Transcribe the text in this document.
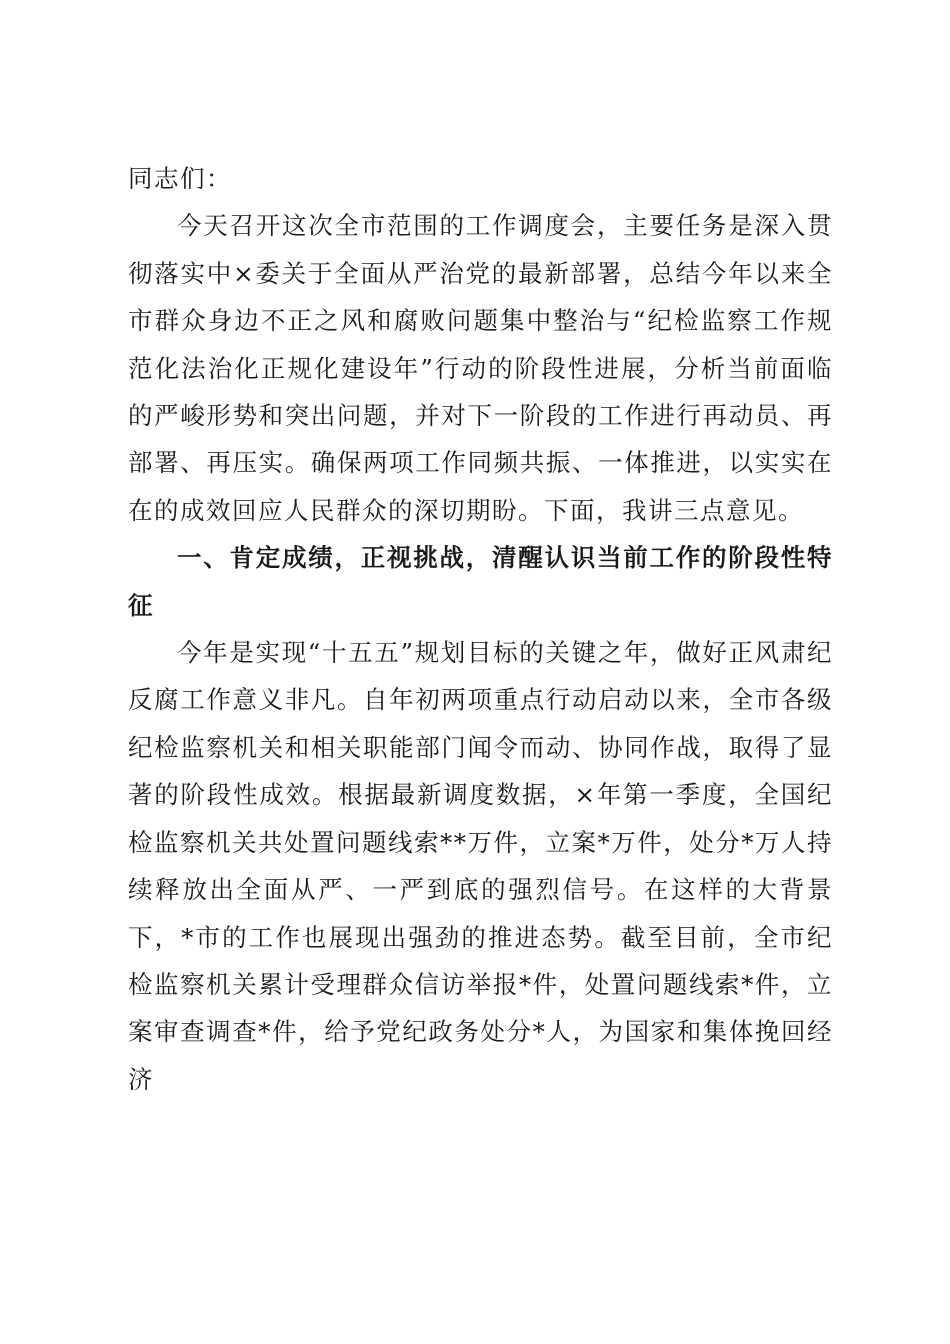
同志们：

今天召开这次全市范围的工作调度会，主要任务是深入贯彻落实中×委关于全面从严治党的最新部署，总结今年以来全市群众身边不正之风和腐败问题集中整治与“纪检监察工作规范化法治化正规化建设年”行动的阶段性进展，分析当前面临的严峻形势和突出问题，并对下一阶段的工作进行再动员、再部署、再压实。确保两项工作同频共振、一体推进，以实实在在的成效回应人民群众的深切期盼。下面，我讲三点意见。

一、肯定成绩，正视挑战，清醒认识当前工作的阶段性特征

今年是实现“十五五”规划目标的关键之年，做好正风肃纪反腐工作意义非凡。自年初两项重点行动启动以来，全市各级纪检监察机关和相关职能部门闻令而动、协同作战，取得了显著的阶段性成效。根据最新调度数据，×年第一季度，全国纪检监察机关共处置问题线索**万件，立案*万件，处分*万人持续释放出全面从严、一严到底的强烈信号。在这样的大背景下，*市的工作也展现出强劲的推进态势。截至目前，全市纪检监察机关累计受理群众信访举报*件，处置问题线索*件，立案审查调查*件，给予党纪政务处分*人，为国家和集体挽回经济
